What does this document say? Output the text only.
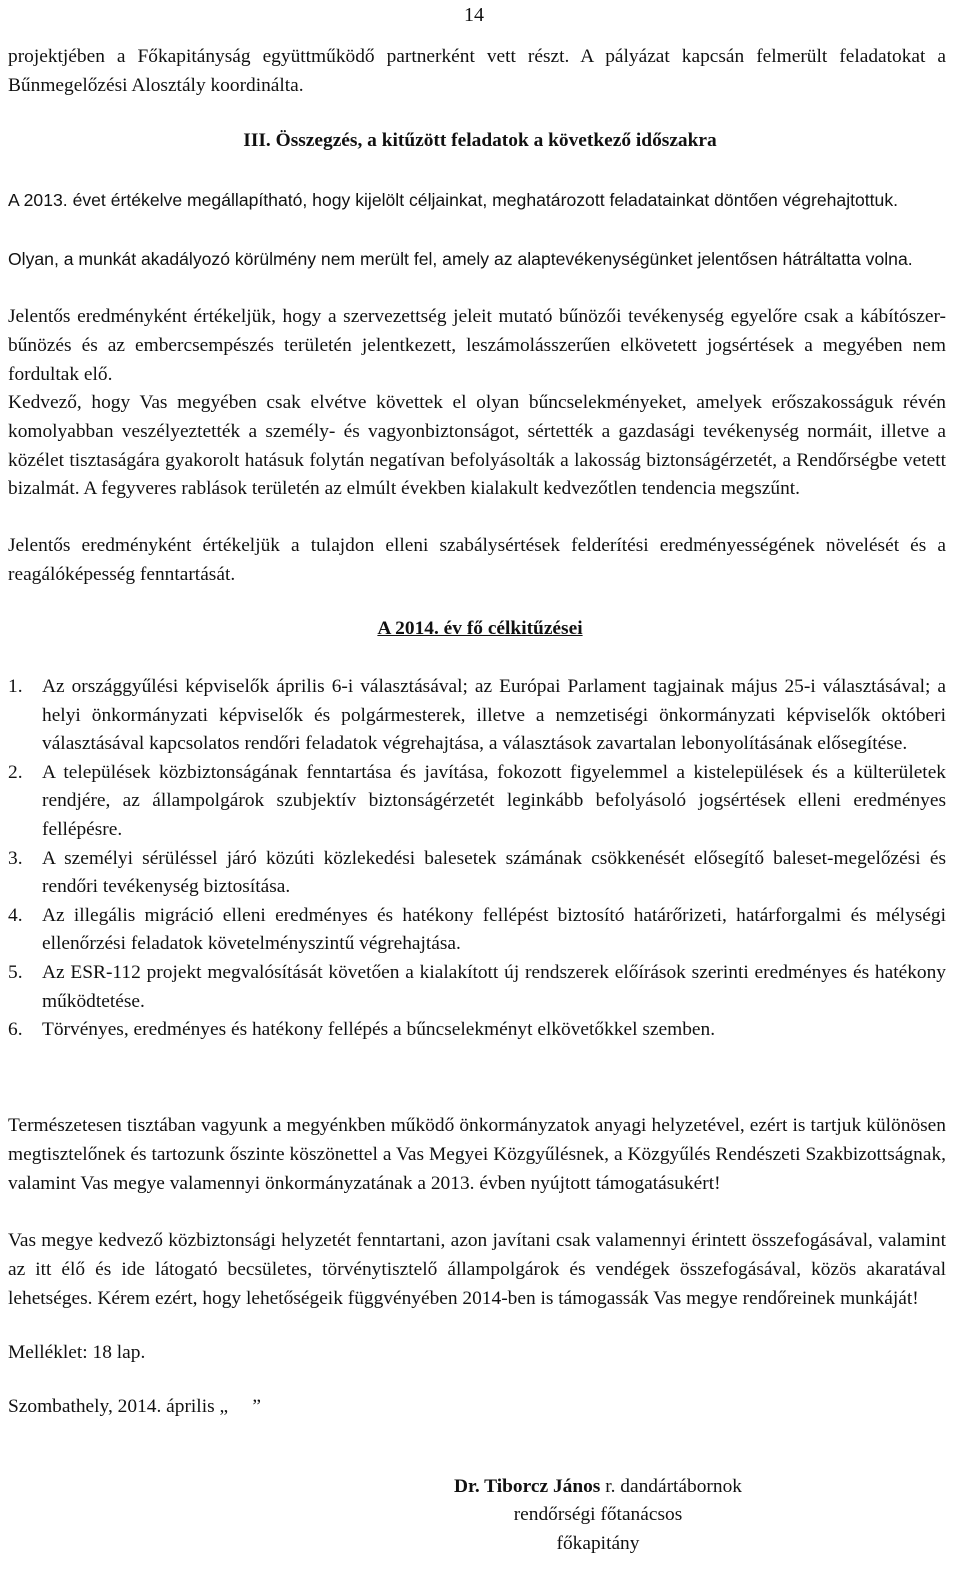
14

projektjében a Főkapitányság együttműködő partnerként vett részt. A pályázat kapcsán felmerült feladatokat a Bűnmegelőzési Alosztály koordinálta.

III. Összegzés, a kitűzött feladatok a következő időszakra

A 2013. évet értékelve megállapítható, hogy kijelölt céljainkat, meghatározott feladatainkat döntően végrehajtottuk.

Olyan, a munkát akadályozó körülmény nem merült fel, amely az alaptevékenységünket jelentősen hátráltatta volna.

Jelentős eredményként értékeljük, hogy a szervezettség jeleit mutató bűnözői tevékenység egyelőre csak a kábítószer-bűnözés és az embercsempészés területén jelentkezett, leszámolásszerűen elkövetett jogsértések a megyében nem fordultak elő.

Kedvező, hogy Vas megyében csak elvétve követtek el olyan bűncselekményeket, amelyek erőszakosságuk révén komolyabban veszélyeztették a személy- és vagyonbiztonságot, sértették a gazdasági tevékenység normáit, illetve a közélet tisztaságára gyakorolt hatásuk folytán negatívan befolyásolták a lakosság biztonságérzetét, a Rendőrségbe vetett bizalmát. A fegyveres rablások területén az elmúlt években kialakult kedvezőtlen tendencia megszűnt.

Jelentős eredményként értékeljük a tulajdon elleni szabálysértések felderítési eredményességének növelését és a reagálóképesség fenntartását.

A 2014. év fő célkitűzései

1. Az országgyűlési képviselők április 6-i választásával; az Európai Parlament tagjainak május 25-i választásával; a helyi önkormányzati képviselők és polgármesterek, illetve a nemzetiségi önkormányzati képviselők októberi választásával kapcsolatos rendőri feladatok végrehajtása, a választások zavartalan lebonyolításának elősegítése.
2. A települések közbiztonságának fenntartása és javítása, fokozott figyelemmel a kistelepülések és a külterületek rendjére, az állampolgárok szubjektív biztonságérzetét leginkább befolyásoló jogsértések elleni eredményes fellépésre.
3. A személyi sérüléssel járó közúti közlekedési balesetek számának csökkenését elősegítő baleset-megelőzési és rendőri tevékenység biztosítása.
4. Az illegális migráció elleni eredményes és hatékony fellépést biztosító határőrizeti, határforgalmi és mélységi ellenőrzési feladatok követelményszintű végrehajtása.
5. Az ESR-112 projekt megvalósítását követően a kialakított új rendszerek előírások szerinti eredményes és hatékony működtetése.
6. Törvényes, eredményes és hatékony fellépés a bűncselekményt elkövetőkkel szemben.

Természetesen tisztában vagyunk a megyénkben működő önkormányzatok anyagi helyzetével, ezért is tartjuk különösen megtisztelőnek és tartozunk őszinte köszönettel a Vas Megyei Közgyűlésnek, a Közgyűlés Rendészeti Szakbizottságnak, valamint Vas megye valamennyi önkormányzatának a 2013. évben nyújtott támogatásukért!

Vas megye kedvező közbiztonsági helyzetét fenntartani, azon javítani csak valamennyi érintett összefogásával, valamint az itt élő és ide látogató becsületes, törvénytisztelő állampolgárok és vendégek összefogásával, közös akaratával lehetséges. Kérem ezért, hogy lehetőségeik függvényében 2014-ben is támogassák Vas megye rendőreinek munkáját!

Melléklet: 18 lap.

Szombathely, 2014. április „     ”

Dr. Tiborcz János r. dandártábornok

rendőrségi főtanácsos

főkapitány
